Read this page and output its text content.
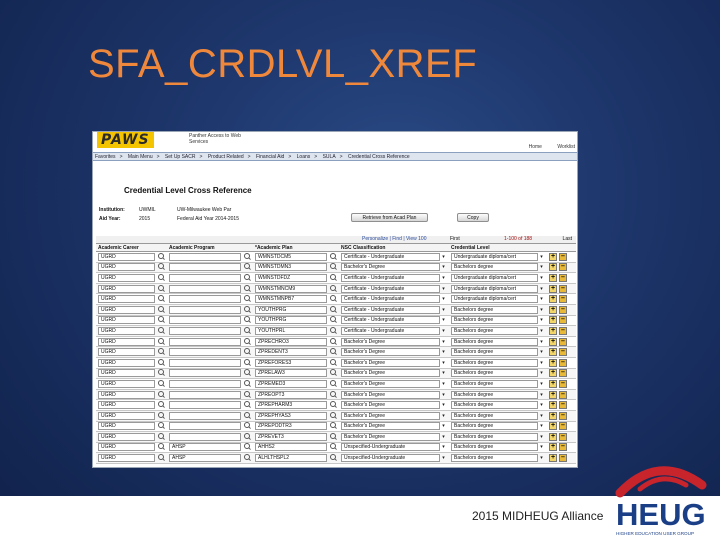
SFA_CRDLVL_XREF
PAWS	Panther Access to Web Services
Home	Worklist
Favorites > Main Menu > Set Up SACR > Product Related > Financial Aid > Loans > SULA > Credential Cross Reference
Credential Level Cross Reference
Institution:	UWMIL	UW-Milwaukee Web Par
Aid Year:	2015	Federal Aid Year 2014-2015	Retrieve from Acad Plan	Copy
Personalize | Find | View 100	First	1-100 of 188	Last
Academic Career	Academic Program	*Academic Plan	NSC Classification	Credential Level	

UGRD		WMNSTDCM5	Certificate - Undergraduate ▾	Undergraduate diploma/cert ▾	+ –

UGRD		WMNSTDMN3	Bachelor's Degree ▾	Bachelors degree ▾	+ –

UGRD		WMNSTDFDZ	Certificate - Undergraduate ▾	Undergraduate diploma/cert ▾	+ –

UGRD		WMNSTMNCM9	Certificate - Undergraduate ▾	Undergraduate diploma/cert ▾	+ –

UGRD		WMNSTMNPB7	Certificate - Undergraduate ▾	Undergraduate diploma/cert ▾	+ –

UGRD		YOUTHPRG	Certificate - Undergraduate ▾	Bachelors degree ▾	+ –

UGRD		YOUTHPRG	Certificate - Undergraduate ▾	Bachelors degree ▾	+ –

UGRD		YOUTHPRL	Certificate - Undergraduate ▾	Bachelors degree ▾	+ –

UGRD		ZPRECHRO3	Bachelor's Degree ▾	Bachelors degree ▾	+ –

UGRD		ZPREDENT3	Bachelor's Degree ▾	Bachelors degree ▾	+ –

UGRD		ZPREFORES3	Bachelor's Degree ▾	Bachelors degree ▾	+ –

UGRD		ZPRELAW3	Bachelor's Degree ▾	Bachelors degree ▾	+ –

UGRD		ZPREMED3	Bachelor's Degree ▾	Bachelors degree ▾	+ –

UGRD		ZPREOPT3	Bachelor's Degree ▾	Bachelors degree ▾	+ –

UGRD		ZPREPHARM3	Bachelor's Degree ▾	Bachelors degree ▾	+ –

UGRD		ZPREPHYAS3	Bachelor's Degree ▾	Bachelors degree ▾	+ –

UGRD		ZPREPODTR3	Bachelor's Degree ▾	Bachelors degree ▾	+ –

UGRD		ZPREVET3	Bachelor's Degree ▾	Bachelors degree ▾	+ –

UGRD	AHSP	AHHS2	Unspecified-Undergraduate ▾	Bachelors degree ▾	+ –

UGRD	AHSP	ALHLTHSPL2	Unspecified-Undergraduate ▾	Bachelors degree ▾	+ –
2015 MIDHEUG Alliance HEUG
HIGHER EDUCATION USER GROUP
